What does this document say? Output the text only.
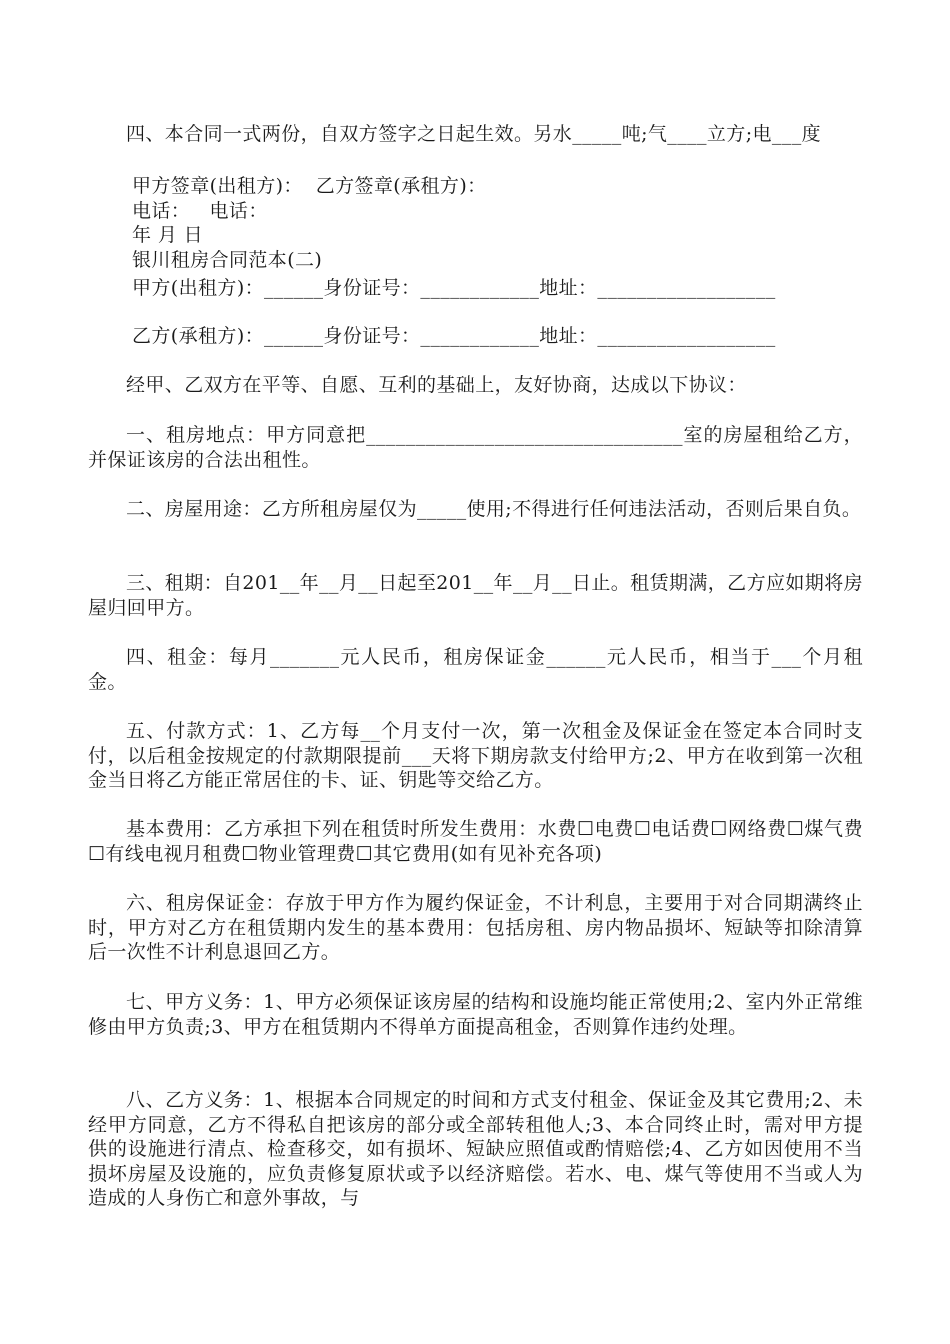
四、本合同一式两份，自双方签字之日起生效。另水_____吨;气____立方;电___度

甲方签章(出租方)：  乙方签章(承租方)：

电话：   电话：

年 月 日

银川租房合同范本(二)

甲方(出租方)：______身份证号：____________地址：__________________

乙方(承租方)：______身份证号：____________地址：__________________

经甲、乙双方在平等、自愿、互利的基础上，友好协商，达成以下协议：

一、租房地点：甲方同意把________________________________室的房屋租给乙方，并保证该房的合法出租性。

二、房屋用途：乙方所租房屋仅为_____使用;不得进行任何违法活动，否则后果自负。

三、租期：自201__年__月__日起至201__年__月__日止。租赁期满，乙方应如期将房屋归回甲方。

四、租金：每月_______元人民币，租房保证金______元人民币，相当于___个月租金。

五、付款方式：1、乙方每__个月支付一次，第一次租金及保证金在签定本合同时支付，以后租金按规定的付款期限提前___天将下期房款支付给甲方;2、甲方在收到第一次租金当日将乙方能正常居住的卡、证、钥匙等交给乙方。

基本费用：乙方承担下列在租赁时所发生费用：水费☐电费☐电话费☐网络费☐煤气费☐有线电视月租费☐物业管理费☐其它费用(如有见补充各项)

六、租房保证金：存放于甲方作为履约保证金，不计利息，主要用于对合同期满终止时，甲方对乙方在租赁期内发生的基本费用：包括房租、房内物品损坏、短缺等扣除清算后一次性不计利息退回乙方。

七、甲方义务：1、甲方必须保证该房屋的结构和设施均能正常使用;2、室内外正常维修由甲方负责;3、甲方在租赁期内不得单方面提高租金，否则算作违约处理。

八、乙方义务：1、根据本合同规定的时间和方式支付租金、保证金及其它费用;2、未经甲方同意，乙方不得私自把该房的部分或全部转租他人;3、本合同终止时，需对甲方提供的设施进行清点、检查移交，如有损坏、短缺应照值或酌情赔偿;4、乙方如因使用不当损坏房屋及设施的，应负责修复原状或予以经济赔偿。若水、电、煤气等使用不当或人为造成的人身伤亡和意外事故，与
